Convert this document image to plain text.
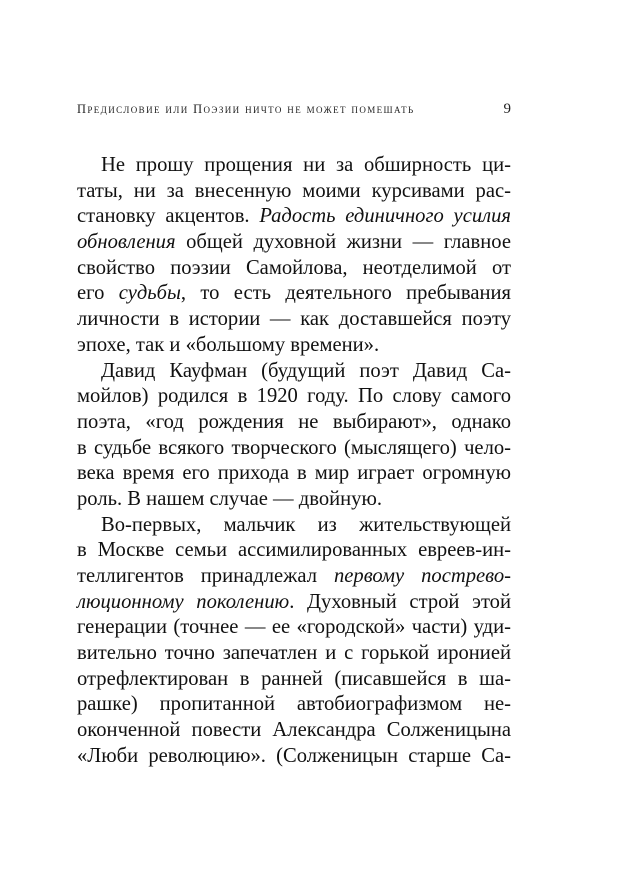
Предисловие или Поэзии ничто не может помешать	9
Не прошу прощения ни за обширность ци-
таты, ни за внесенную моими курсивами рас-
становку акцентов. Радость единичного усилия
обновления общей духовной жизни — главное
свойство поэзии Самойлова, неотделимой от
его судьбы, то есть деятельного пребывания
личности в истории — как доставшейся поэту
эпохе, так и «большому времени».
Давид Кауфман (будущий поэт Давид Са-
мойлов) родился в 1920 году. По слову самого
поэта, «год рождения не выбирают», однако
в судьбе всякого творческого (мыслящего) чело-
века время его прихода в мир играет огромную
роль. В нашем случае — двойную.
Во-первых, мальчик из жительствующей
в Москве семьи ассимилированных евреев-ин-
теллигентов принадлежал первому пострево-
люционному поколению. Духовный строй этой
генерации (точнее — ее «городской» части) уди-
вительно точно запечатлен и с горькой иронией
отрефлектирован в ранней (писавшейся в ша-
рашке) пропитанной автобиографизмом не-
оконченной повести Александра Солженицына
«Люби революцию». (Солженицын старше Са-
